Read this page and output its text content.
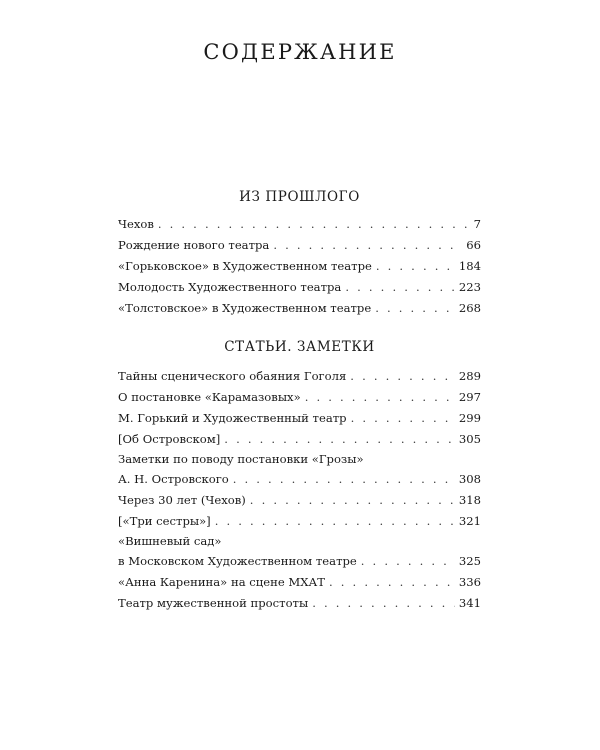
СОДЕРЖАНИЕ
ИЗ ПРОШЛОГО
Чехов . . .	7
Рождение нового театра . . .	66
«Горьковское» в Художественном театре . . .	184
Молодость Художественного театра . . .	223
«Толстовское» в Художественном театре . . .	268
СТАТЬИ. ЗАМЕТКИ
Тайны сценического обаяния Гоголя . . .	289
О постановке «Карамазовых» . . .	297
М. Горький и Художественный театр . . .	299
[Об Островском] . . .	305
Заметки по поводу постановки «Грозы»
А. Н. Островского . . .	308
Через 30 лет (Чехов) . . .	318
[«Три сестры»] . . .	321
«Вишневый сад»
в Московском Художественном театре . . .	325
«Анна Каренина» на сцене МХАТ . . .	336
Театр мужественной простоты . . .	341
